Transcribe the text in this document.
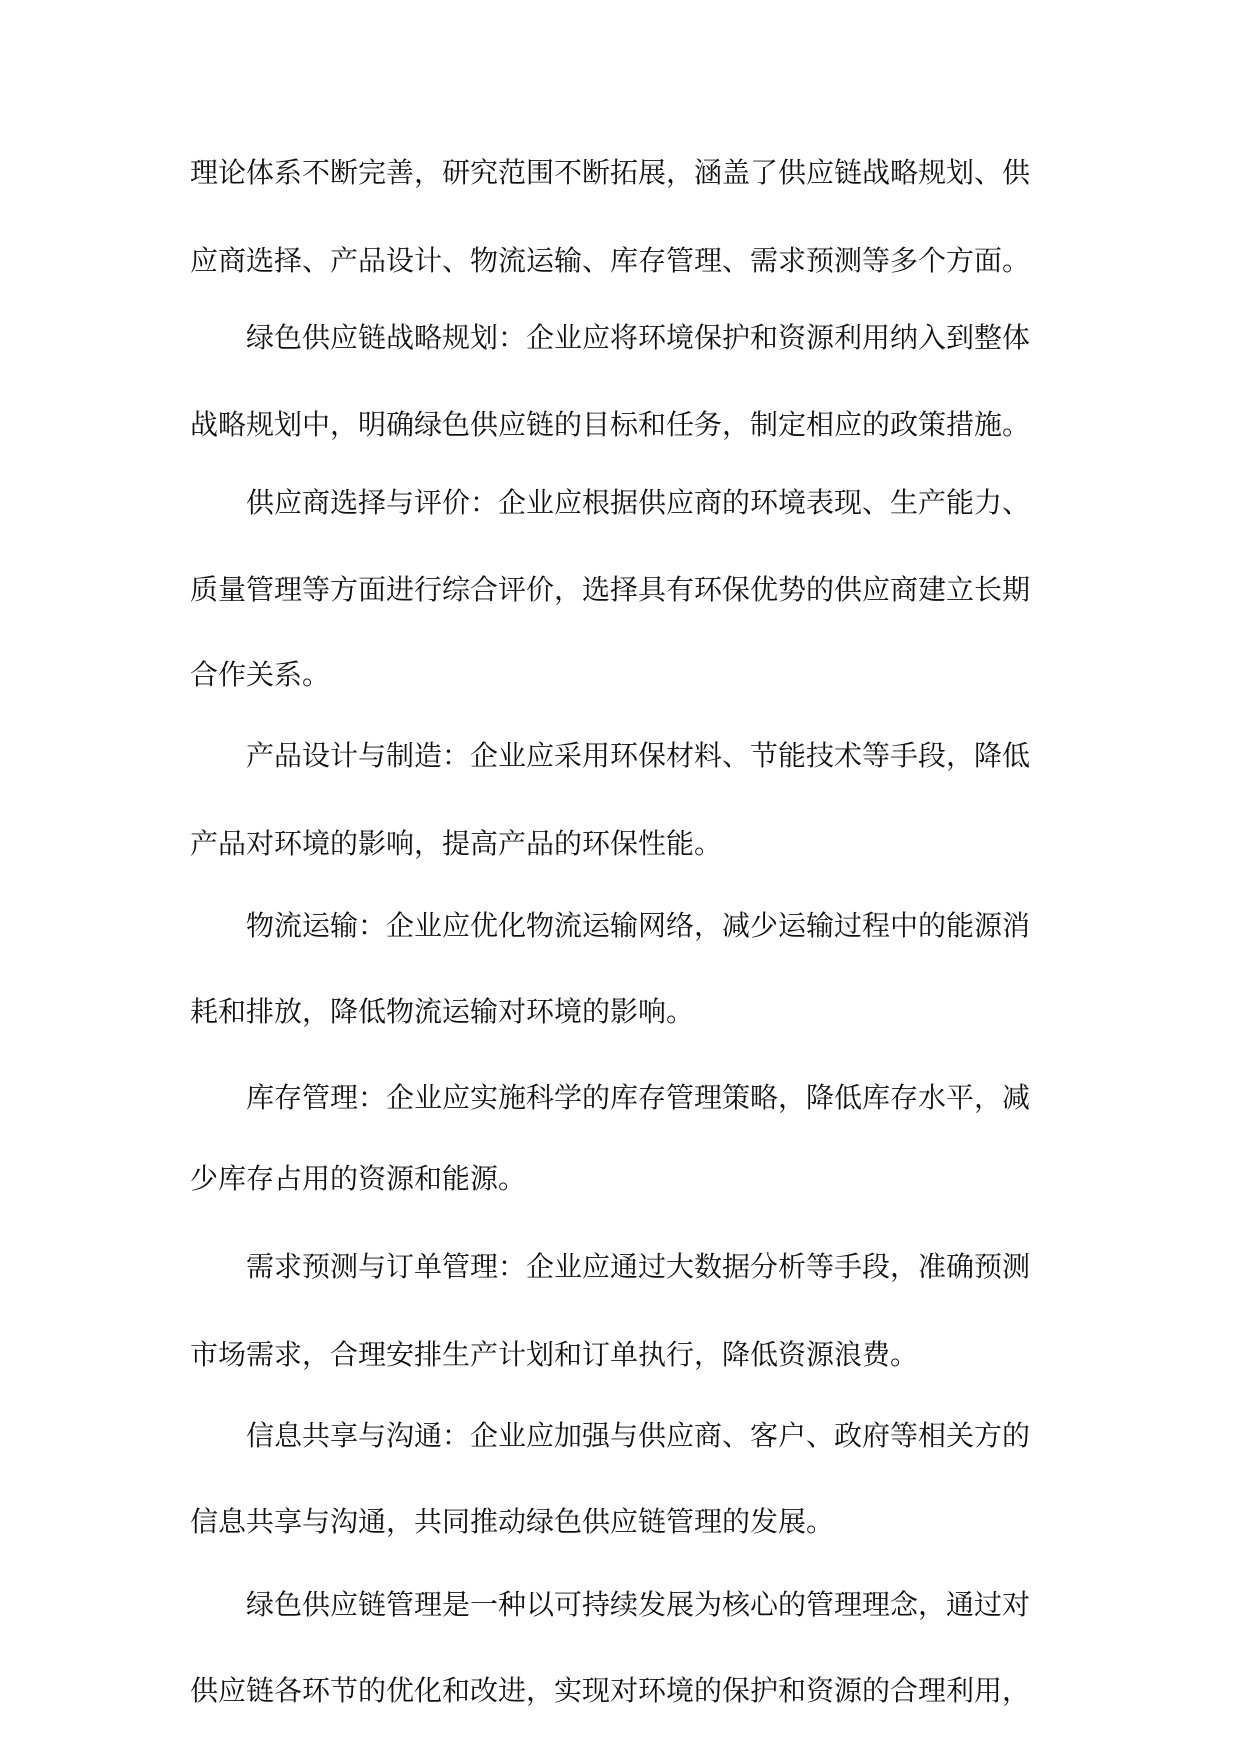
理论体系不断完善，研究范围不断拓展，涵盖了供应链战略规划、供
应商选择、产品设计、物流运输、库存管理、需求预测等多个方面。
绿色供应链战略规划：企业应将环境保护和资源利用纳入到整体
战略规划中，明确绿色供应链的目标和任务，制定相应的政策措施。
供应商选择与评价：企业应根据供应商的环境表现、生产能力、
质量管理等方面进行综合评价，选择具有环保优势的供应商建立长期
合作关系。
产品设计与制造：企业应采用环保材料、节能技术等手段，降低
产品对环境的影响，提高产品的环保性能。
物流运输：企业应优化物流运输网络，减少运输过程中的能源消
耗和排放，降低物流运输对环境的影响。
库存管理：企业应实施科学的库存管理策略，降低库存水平，减
少库存占用的资源和能源。
需求预测与订单管理：企业应通过大数据分析等手段，准确预测
市场需求，合理安排生产计划和订单执行，降低资源浪费。
信息共享与沟通：企业应加强与供应商、客户、政府等相关方的
信息共享与沟通，共同推动绿色供应链管理的发展。
绿色供应链管理是一种以可持续发展为核心的管理理念，通过对
供应链各环节的优化和改进，实现对环境的保护和资源的合理利用，
